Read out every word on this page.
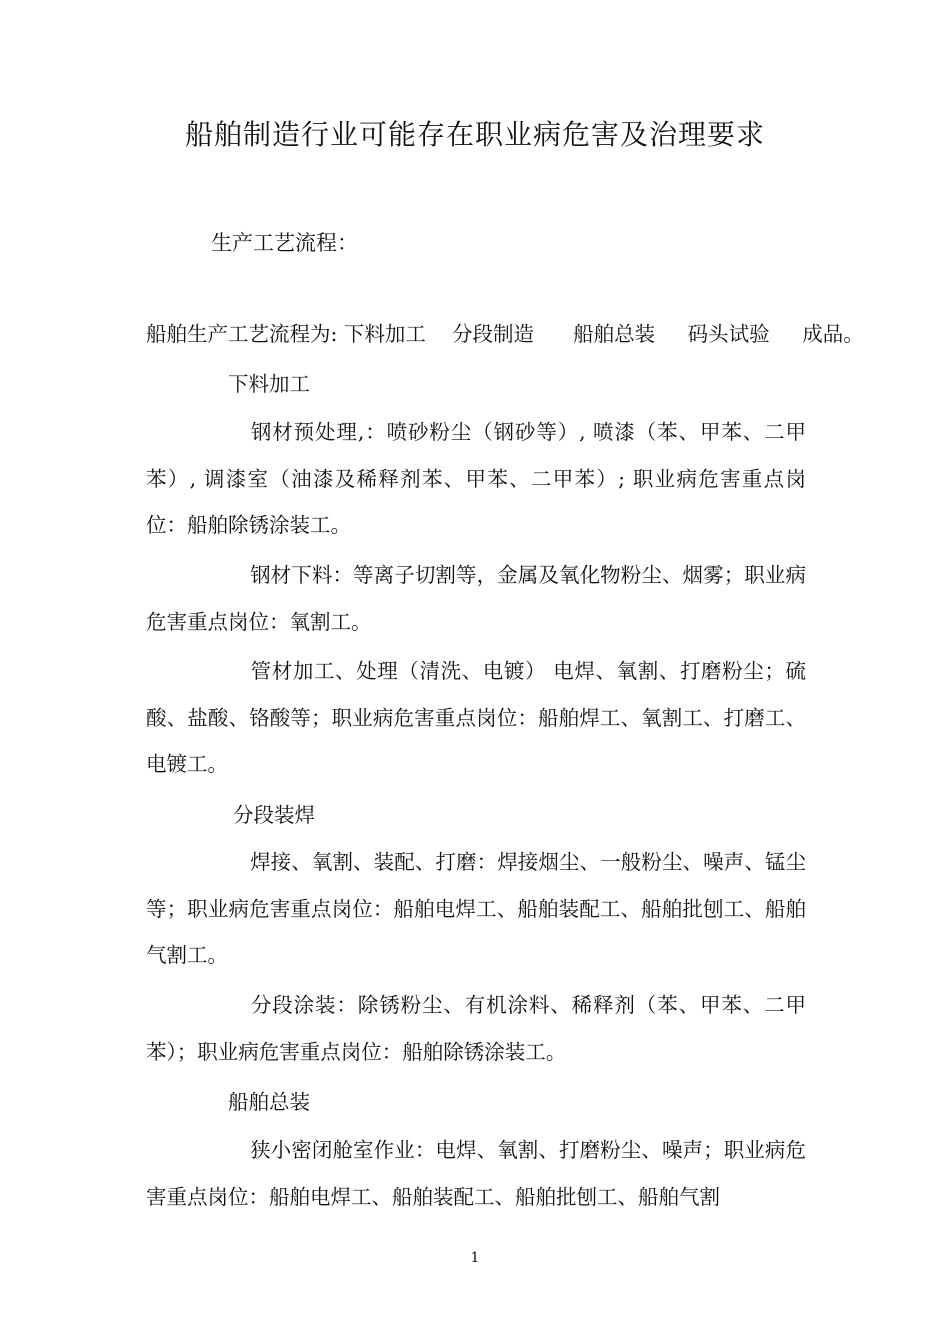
船舶制造行业可能存在职业病危害及治理要求
生产工艺流程：
船舶生产工艺流程为: 下料加工    分段制造      船舶总装     码头试验     成品。
下料加工
钢材预处理,：喷砂粉尘（钢砂等）, 喷漆（苯、甲苯、二甲苯）, 调漆室（油漆及稀释剂苯、甲苯、二甲苯）; 职业病危害重点岗位：船舶除锈涂装工。
钢材下料：等离子切割等，金属及氧化物粉尘、烟雾；职业病危害重点岗位：氧割工。
管材加工、处理（清洗、电镀） 电焊、氧割、打磨粉尘；硫酸、盐酸、铬酸等；职业病危害重点岗位：船舶焊工、氧割工、打磨工、电镀工。
分段装焊
焊接、氧割、装配、打磨：焊接烟尘、一般粉尘、噪声、锰尘等；职业病危害重点岗位：船舶电焊工、船舶装配工、船舶批刨工、船舶气割工。
分段涂装：除锈粉尘、有机涂料、稀释剂（苯、甲苯、二甲苯）；职业病危害重点岗位：船舶除锈涂装工。
船舶总装
狭小密闭舱室作业：电焊、氧割、打磨粉尘、噪声；职业病危害重点岗位：船舶电焊工、船舶装配工、船舶批刨工、船舶气割
1
